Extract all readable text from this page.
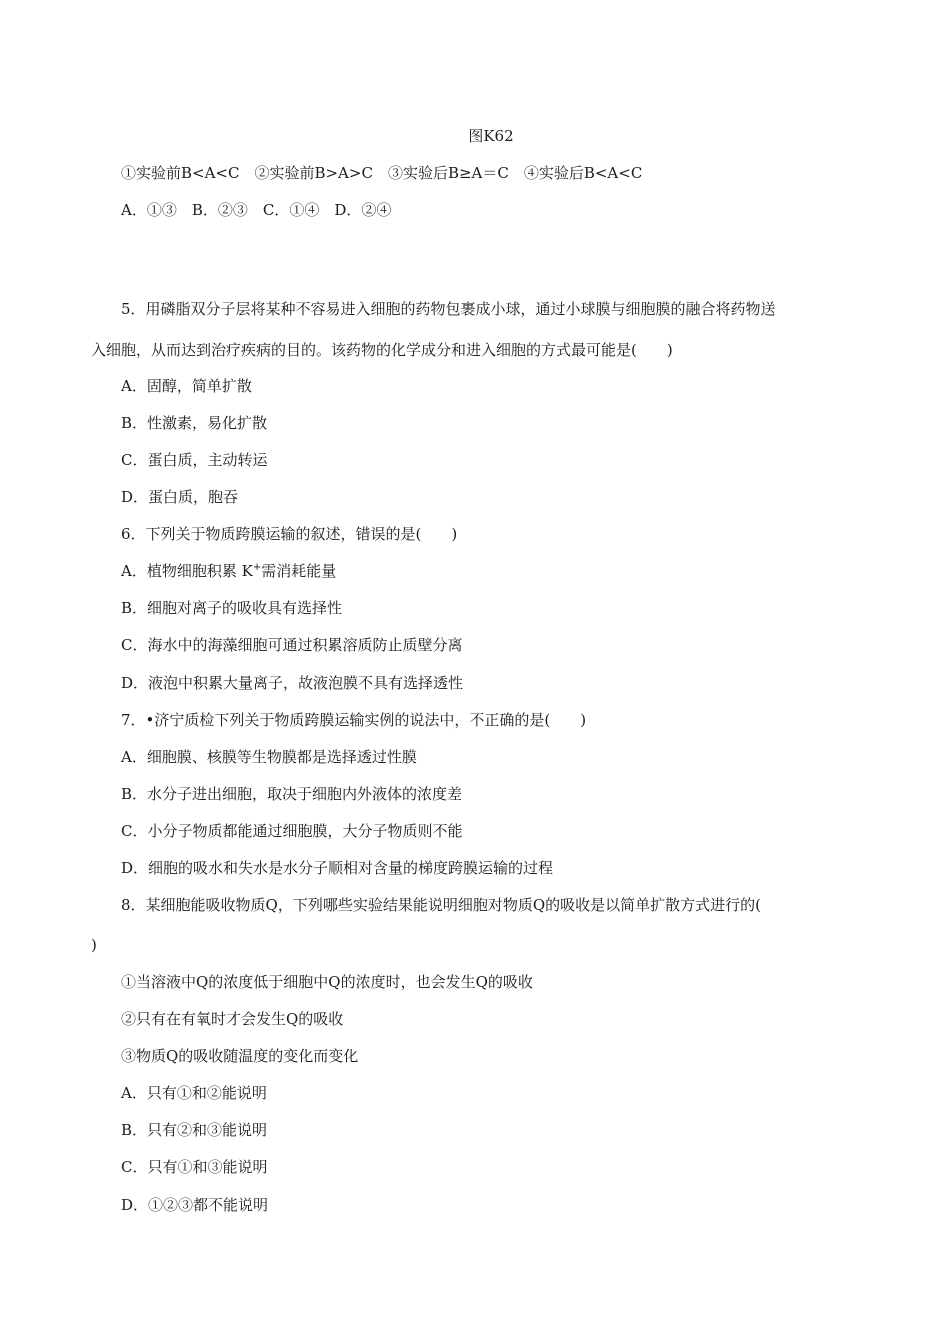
图K62
①实验前B<A<C　②实验前B>A>C　③实验后B≥A＝C　④实验后B<A<C
A．①③　B．②③　C．①④　D．②④
5．用磷脂双分子层将某种不容易进入细胞的药物包裹成小球，通过小球膜与细胞膜的融合将药物送
入细胞，从而达到治疗疾病的目的。该药物的化学成分和进入细胞的方式最可能是(　　)
A．固醇，简单扩散
B．性激素，易化扩散
C．蛋白质，主动转运
D．蛋白质，胞吞
6．下列关于物质跨膜运输的叙述，错误的是(　　)
A．植物细胞积累 K+需消耗能量
B．细胞对离子的吸收具有选择性
C．海水中的海藻细胞可通过积累溶质防止质壁分离
D．液泡中积累大量离子，故液泡膜不具有选择透性
7．•济宁质检下列关于物质跨膜运输实例的说法中，不正确的是(　　)
A．细胞膜、核膜等生物膜都是选择透过性膜
B．水分子进出细胞，取决于细胞内外液体的浓度差
C．小分子物质都能通过细胞膜，大分子物质则不能
D．细胞的吸水和失水是水分子顺相对含量的梯度跨膜运输的过程
8．某细胞能吸收物质Q，下列哪些实验结果能说明细胞对物质Q的吸收是以简单扩散方式进行的(
)
①当溶液中Q的浓度低于细胞中Q的浓度时，也会发生Q的吸收
②只有在有氧时才会发生Q的吸收
③物质Q的吸收随温度的变化而变化
A．只有①和②能说明
B．只有②和③能说明
C．只有①和③能说明
D．①②③都不能说明
